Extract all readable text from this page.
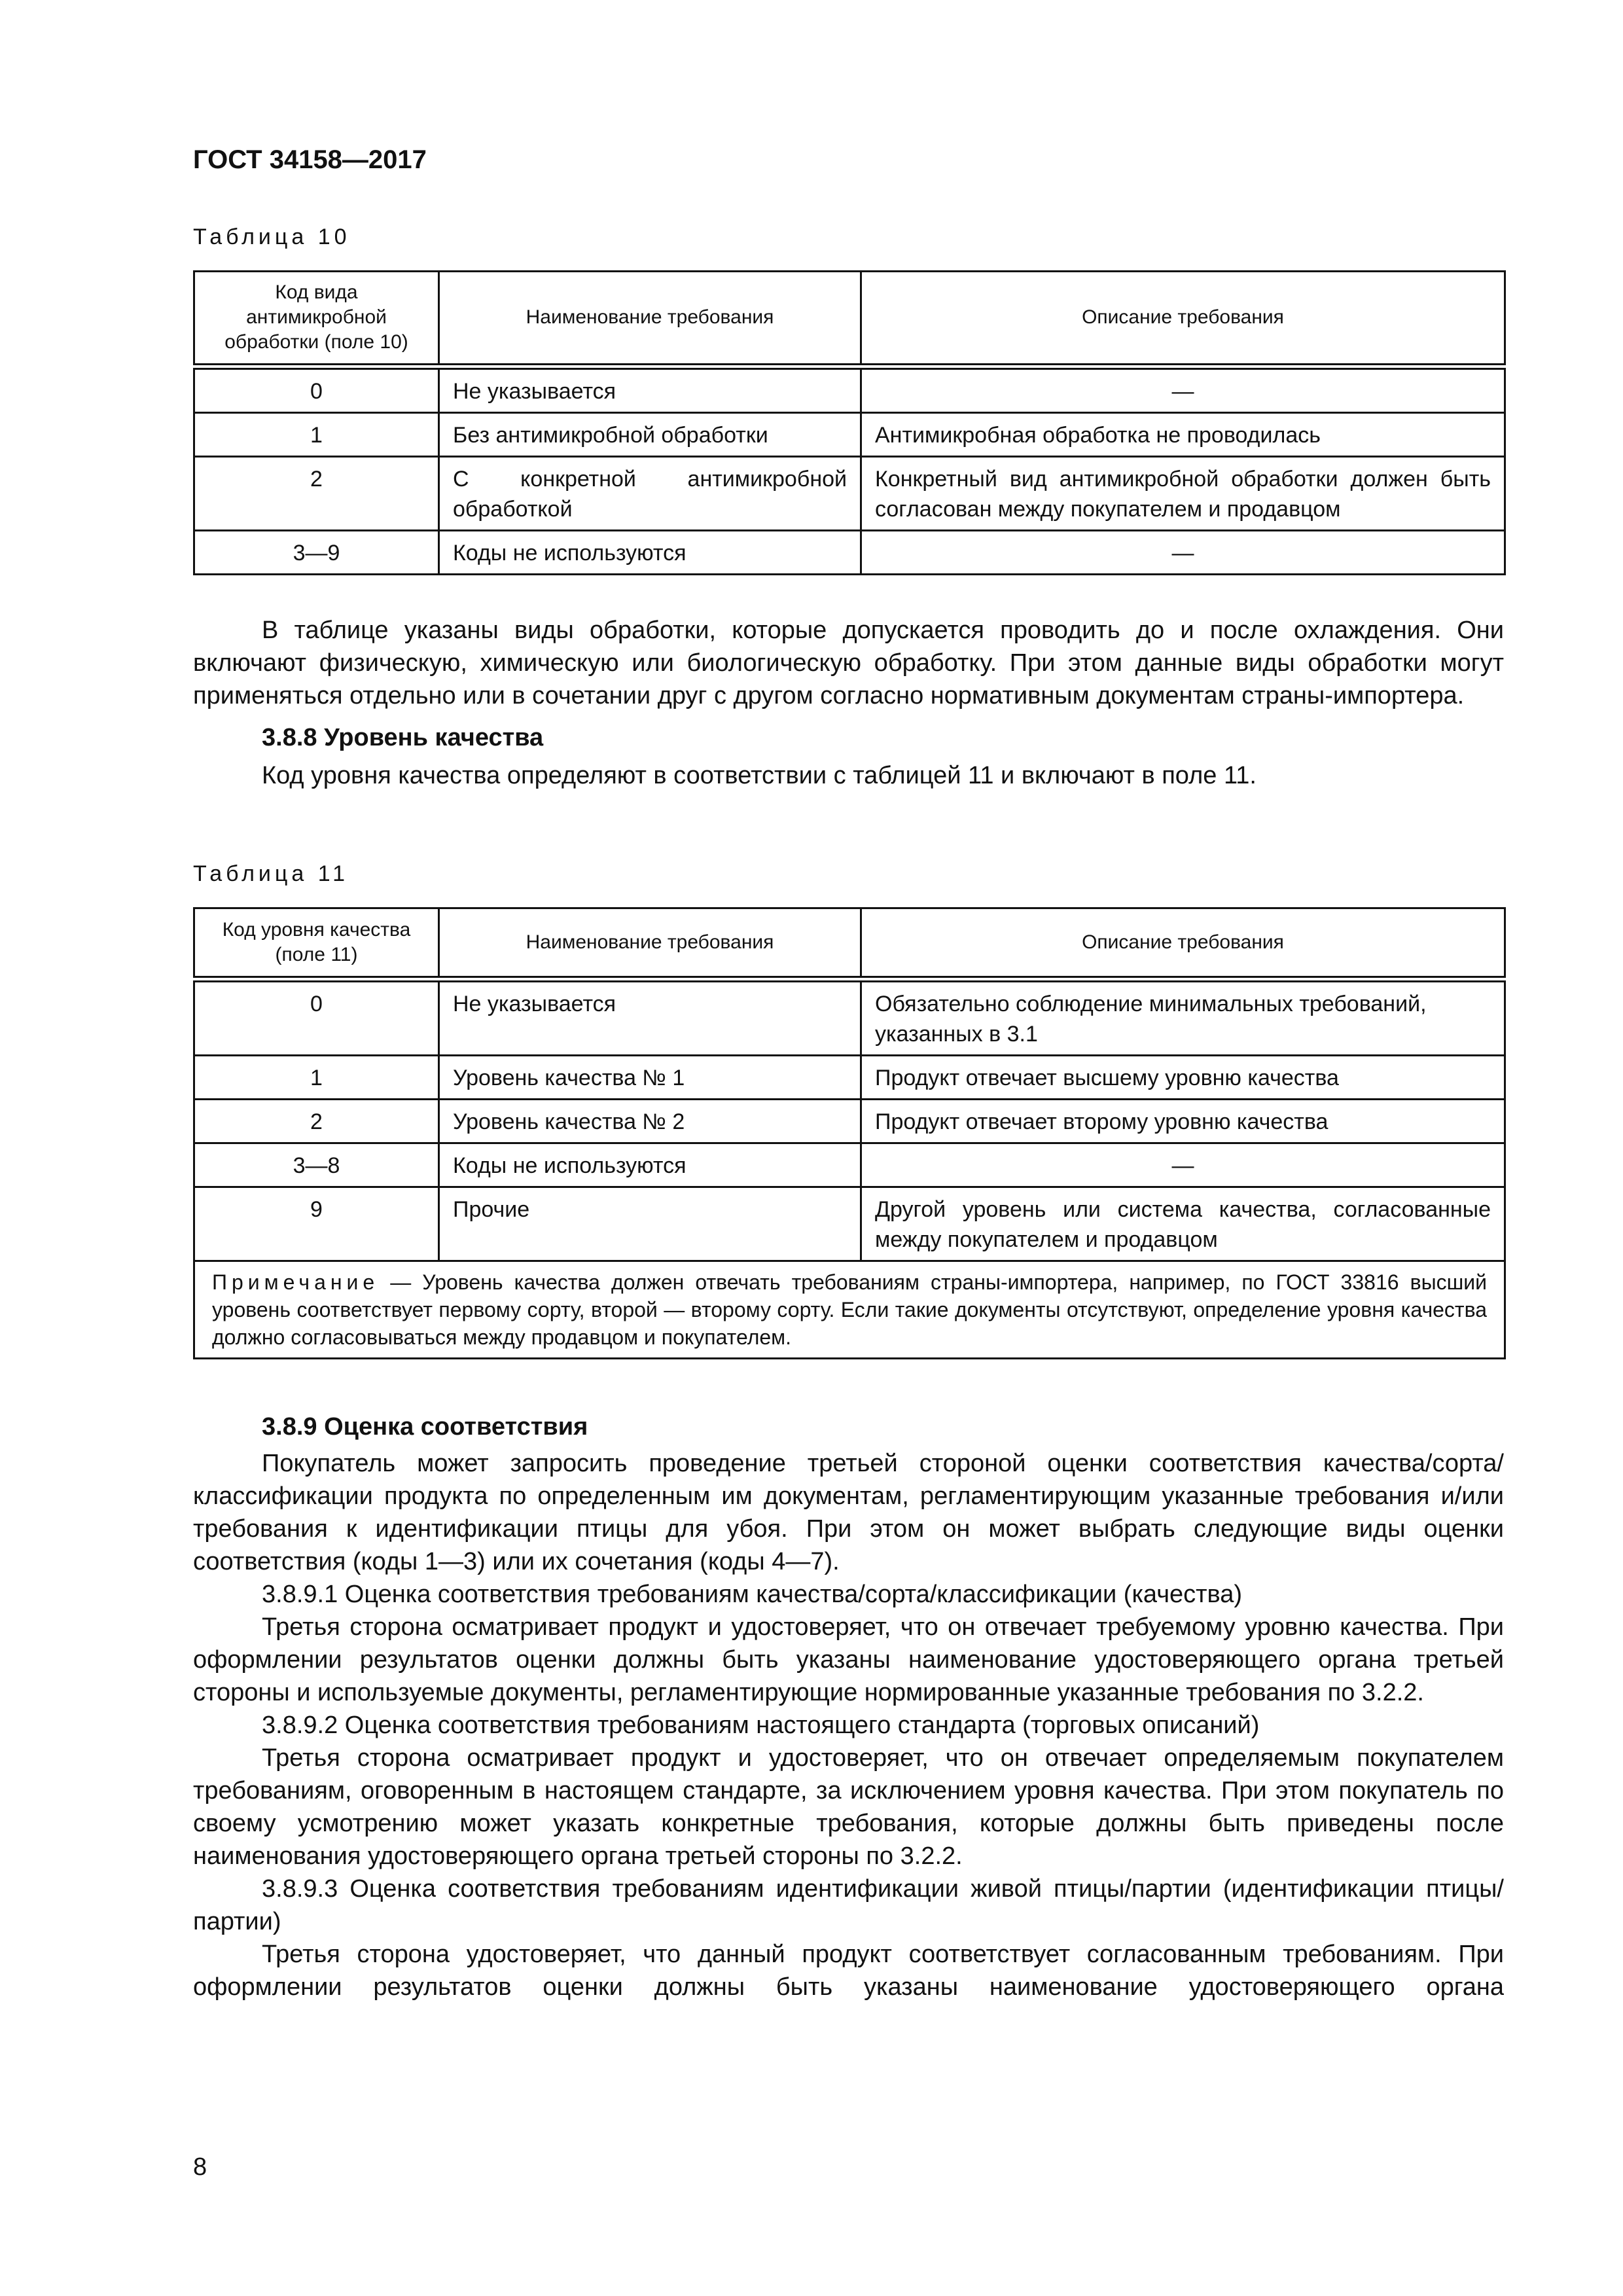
ГОСТ 34158—2017
Таблица 10
Код вида антимикробной обработки (поле 10)	Наименование требования	Описание требования
0	Не указывается	—
1	Без антимикробной обработки	Антимикробная обработка не проводилась
2	С конкретной антимикробной обработкой	Конкретный вид антимикробной обработки должен быть согласован между покупателем и продавцом
3—9	Коды не используются	—

В таблице указаны виды обработки, которые допускается проводить до и после охлаждения. Они включают физическую, химическую или биологическую обработку. При этом данные виды обработки могут применяться отдельно или в сочетании друг с другом согласно нормативным документам страны-импортера.

3.8.8 Уровень качества

Код уровня качества определяют в соответствии с таблицей 11 и включают в поле 11.

Таблица 11
Код уровня качества (поле 11)	Наименование требования	Описание требования
0	Не указывается	Обязательно соблюдение минимальных требований, указанных в 3.1
1	Уровень качества № 1	Продукт отвечает высшему уровню качества
2	Уровень качества № 2	Продукт отвечает второму уровню качества
3—8	Коды не используются	—
9	Прочие	Другой уровень или система качества, согласованные между покупателем и продавцом
Примечание — Уровень качества должен отвечать требованиям страны-импортера, например, по ГОСТ 33816 высший уровень соответствует первому сорту, второй — второму сорту. Если такие документы отсутствуют, определение уровня качества должно согласовываться между продавцом и покупателем.		
3.8.9 Оценка соответствия

Покупатель может запросить проведение третьей стороной оценки соответствия качества/сорта/классификации продукта по определенным им документам, регламентирующим указанные требования и/или требования к идентификации птицы для убоя. При этом он может выбрать следующие виды оценки соответствия (коды 1—3) или их сочетания (коды 4—7).

3.8.9.1 Оценка соответствия требованиям качества/сорта/классификации (качества)

Третья сторона осматривает продукт и удостоверяет, что он отвечает требуемому уровню качества. При оформлении результатов оценки должны быть указаны наименование удостоверяющего органа третьей стороны и используемые документы, регламентирующие нормированные указанные требования по 3.2.2.

3.8.9.2 Оценка соответствия требованиям настоящего стандарта (торговых описаний)

Третья сторона осматривает продукт и удостоверяет, что он отвечает определяемым покупателем требованиям, оговоренным в настоящем стандарте, за исключением уровня качества. При этом покупатель по своему усмотрению может указать конкретные требования, которые должны быть приведены после наименования удостоверяющего органа третьей стороны по 3.2.2.

3.8.9.3 Оценка соответствия требованиям идентификации живой птицы/партии (идентификации птицы/партии)

Третья сторона удостоверяет, что данный продукт соответствует согласованным требованиям. При оформлении результатов оценки должны быть указаны наименование удостоверяющего органа

8
